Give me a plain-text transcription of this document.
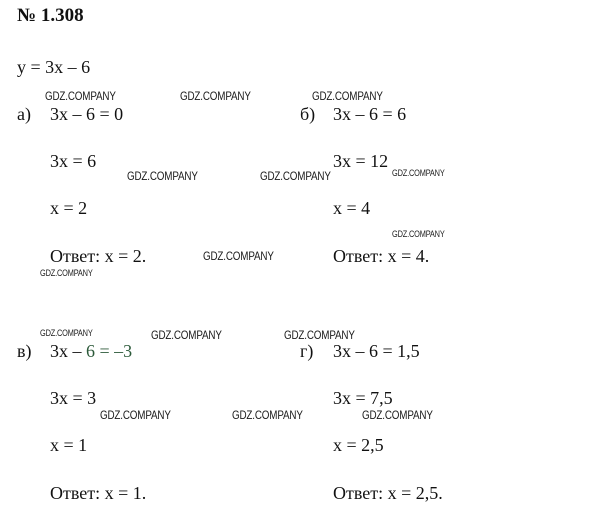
№ 1.308
y = 3x – 6
а) 3x – 6 = 0
3x = 6
x = 2
Ответ: x = 2.
б) 3x – 6 = 6
3x = 12
x = 4
Ответ: x = 4.
в) 3x – 6 = –3
3x = 3
x = 1
Ответ: x = 1.
г) 3x – 6 = 1,5
3x = 7,5
x = 2,5
Ответ: x = 2,5.
GDZ.COMPANY	GDZ.COMPANY	GDZ.COMPANY
GDZ.COMPANY	GDZ.COMPANY	GDZ.COMPANY
GDZ.COMPANY
GDZ.COMPANY
GDZ.COMPANY
GDZ.COMPANY	GDZ.COMPANY	GDZ.COMPANY
GDZ.COMPANY	GDZ.COMPANY	GDZ.COMPANY
